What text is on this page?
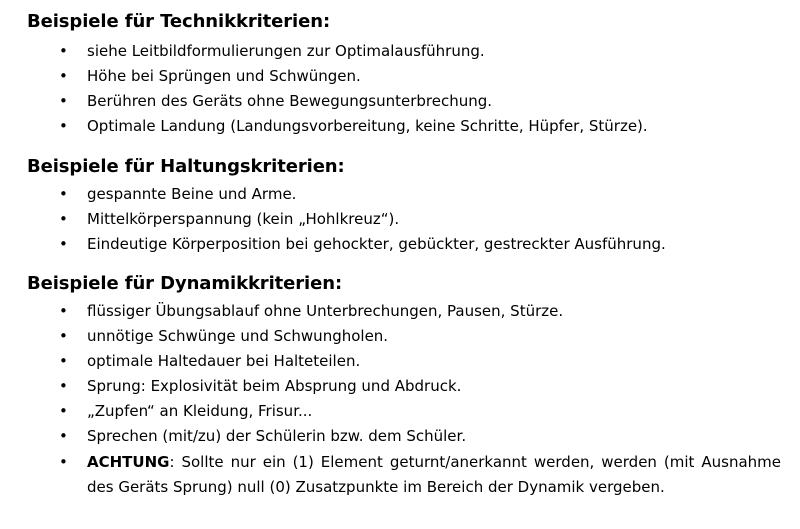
Beispiele für Technikkriterien:
•	siehe Leitbildformulierungen zur Optimalausführung.
•	Höhe bei Sprüngen und Schwüngen.
•	Berühren des Geräts ohne Bewegungsunterbrechung.
•	Optimale Landung (Landungsvorbereitung, keine Schritte, Hüpfer, Stürze).
Beispiele für Haltungskriterien:
•	gespannte Beine und Arme.
•	Mittelkörperspannung (kein „Hohlkreuz“).
•	Eindeutige Körperposition bei gehockter, gebückter, gestreckter Ausführung.
Beispiele für Dynamikkriterien:
•	flüssiger Übungsablauf ohne Unterbrechungen, Pausen, Stürze.
•	unnötige Schwünge und Schwungholen.
•	optimale Haltedauer bei Halteteilen.
•	Sprung: Explosivität beim Absprung und Abdruck.
•	„Zupfen“ an Kleidung, Frisur...
•	Sprechen (mit/zu) der Schülerin bzw. dem Schüler.
•	ACHTUNG: Sollte nur ein (1) Element geturnt/anerkannt werden, werden (mit Ausnahme des Geräts Sprung) null (0) Zusatzpunkte im Bereich der Dynamik vergeben.
